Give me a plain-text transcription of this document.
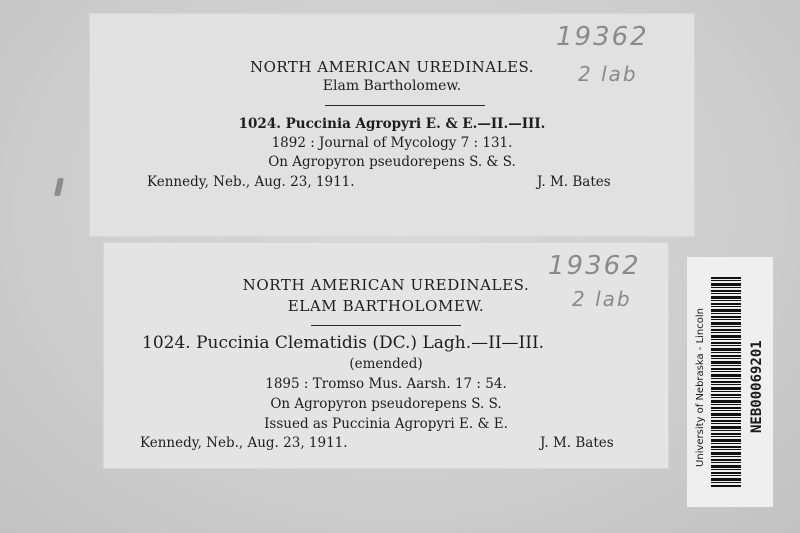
19362
2 lab
NORTH AMERICAN UREDINALES.
Elam Bartholomew.
1024. Puccinia Agropyri E. & E.—II.—III.
1892 : Journal of Mycology 7 : 131.
On Agropyron pseudorepens S. & S.
Kennedy, Neb., Aug. 23, 1911.	J. M. Bates
19362
2 lab
NORTH AMERICAN UREDINALES.
ELAM BARTHOLOMEW.
1024. Puccinia Clematidis (DC.) Lagh.—II—III.
(emended)
1895 : Tromso Mus. Aarsh. 17 : 54.
On Agropyron pseudorepens S. S.
Issued as Puccinia Agropyri E. & E.
Kennedy, Neb., Aug. 23, 1911.	J. M. Bates	University of Nebraska - Lincoln	NEB00069201
